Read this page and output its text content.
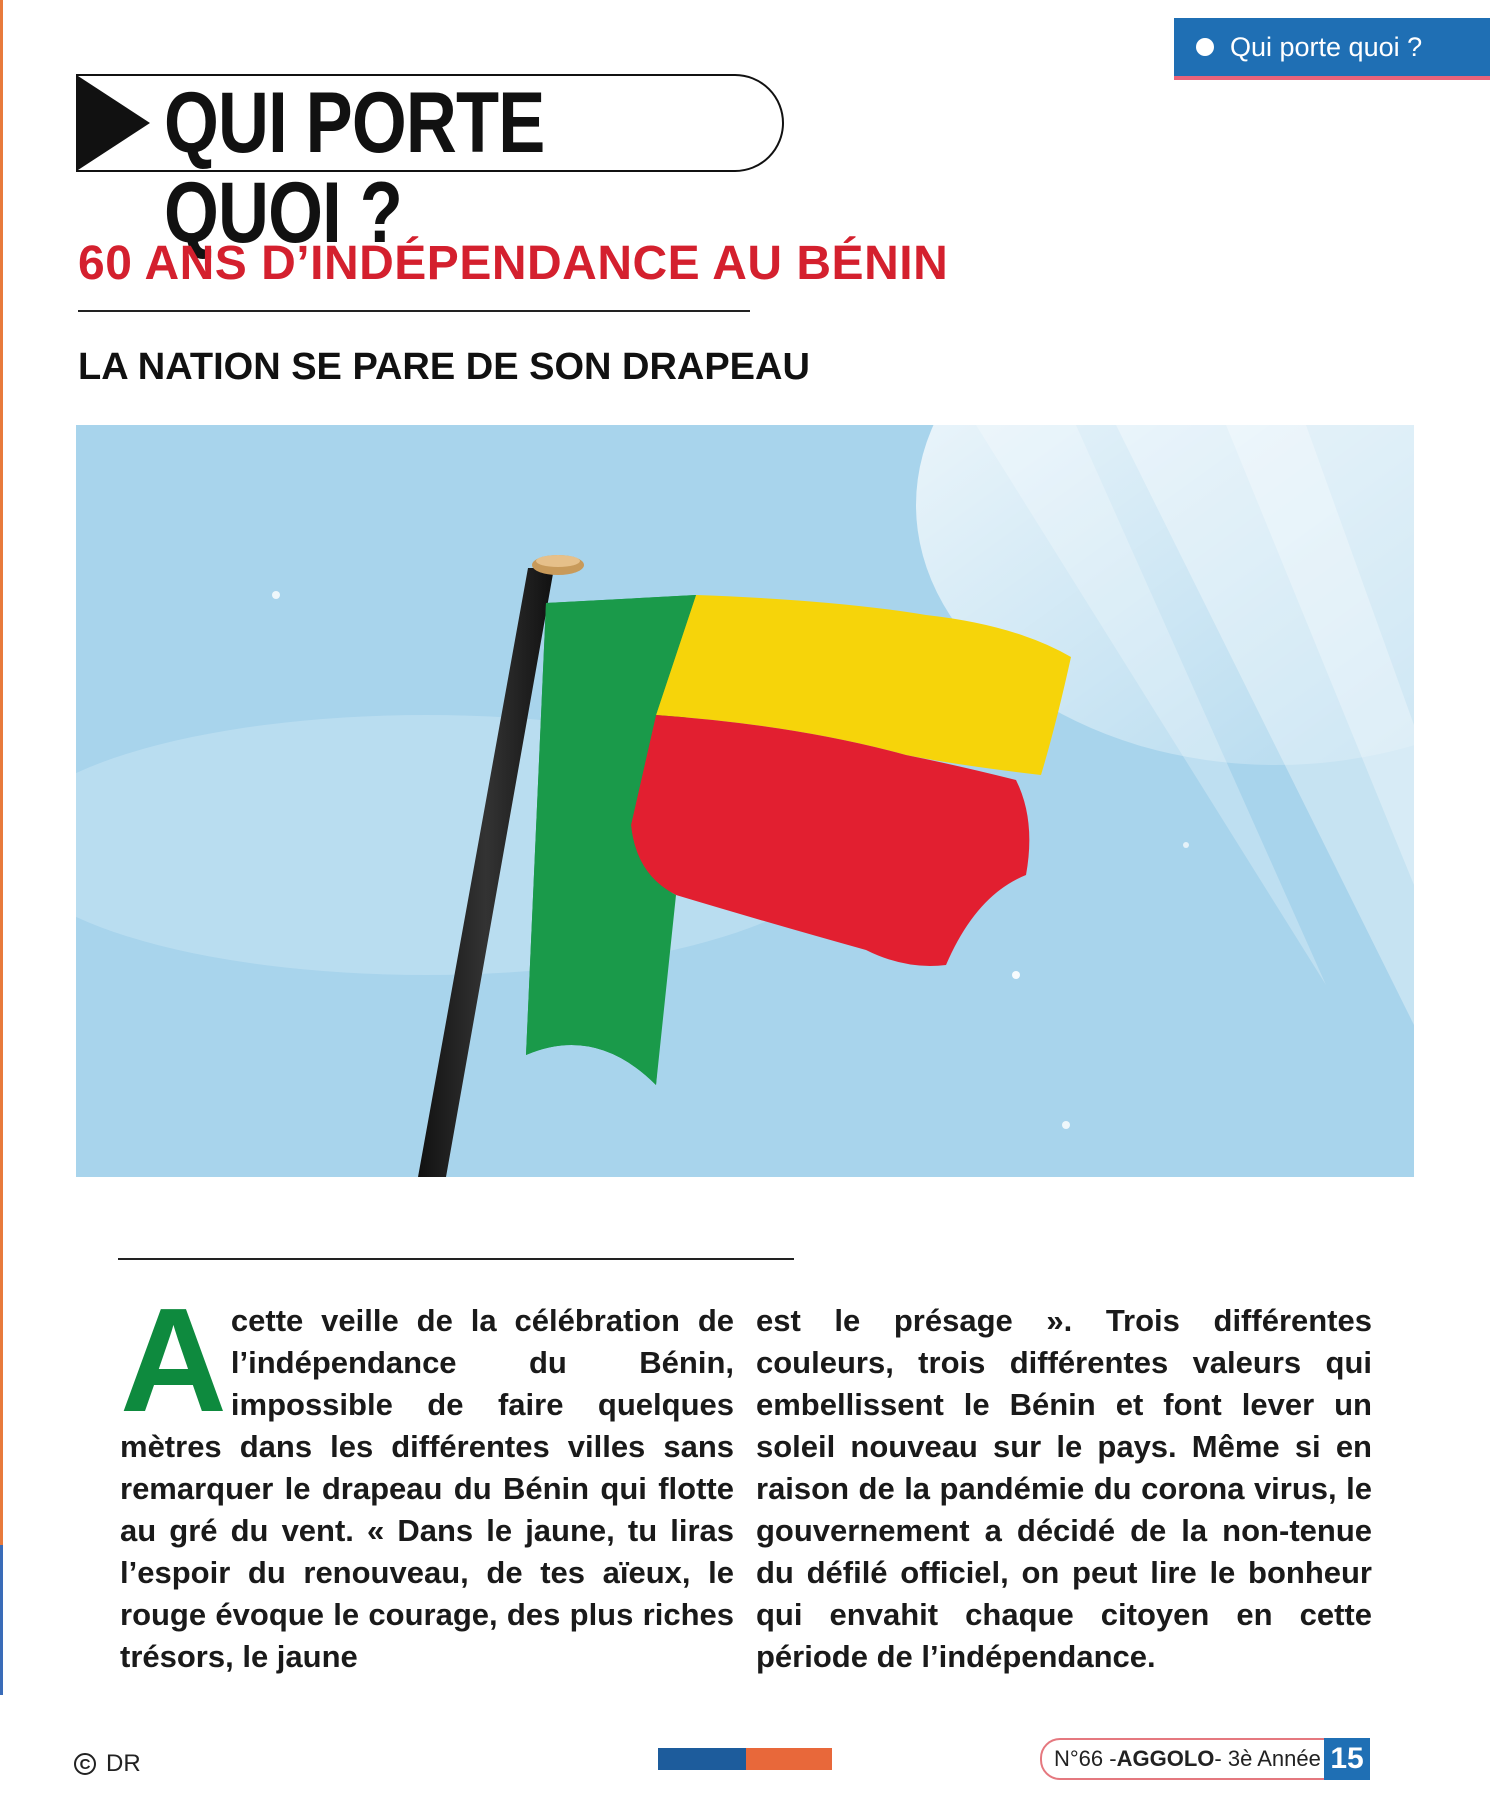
Qui porte quoi ?
QUI PORTE QUOI ?
60 ANS D’INDÉPENDANCE AU BÉNIN
LA NATION SE PARE DE SON DRAPEAU
A cette veille de la célébration de l’indépendance du Bénin, impossible de faire quelques mètres dans les différentes villes sans remarquer le drapeau du Bénin qui flotte au gré du vent. « Dans le jaune, tu liras l’espoir du renouveau, de tes aïeux, le rouge évoque le courage, des plus riches trésors, le jaune
est le présage ». Trois différentes couleurs, trois différentes valeurs qui embellissent le Bénin et font lever un soleil nouveau sur le pays. Même si en raison de la pandémie du corona virus, le gouvernement a décidé de la non-tenue du défilé officiel, on peut lire le bonheur qui envahit chaque citoyen en cette période de l’indépendance.
C DR	N°66 - AGGOLO - 3è Année 15
